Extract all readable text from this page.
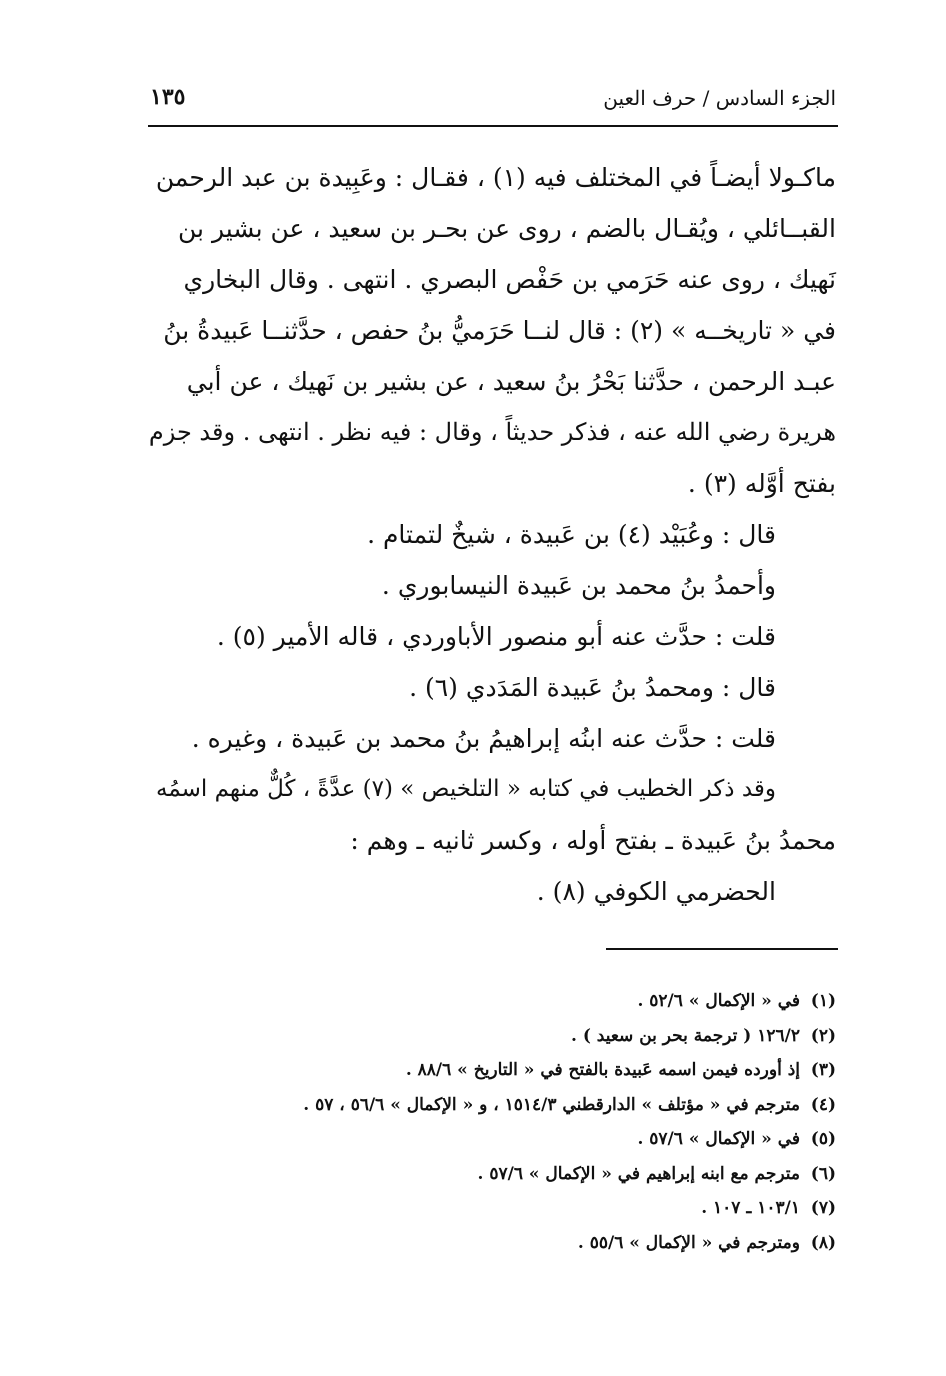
الجزء السادس / حرف العين
١٣٥

ماكـولا أيضـاً في المختلف فيه (١) ، فقـال : وعَبِيدة بن عبد الرحمن

القبــائلي ، ويُقـال بالضم ، روى عن بحـر بن سعيد ، عن بشير بن

نَهيك ، روى عنه حَرَمي بن حَفْص البصري . انتهى . وقال البخاري

في « تاريخــه » (٢) : قال لنــا حَرَميُّ بنُ حفص ، حدَّثنــا عَبيدةُ بنُ

عبـد الرحمن ، حدَّثنا بَحْرُ بنُ سعيد ، عن بشير بن نَهيك ، عن أبي

هريرة رضي الله عنه ، فذكر حديثاً ، وقال : فيه نظر . انتهى . وقد جزم

بفتح أوَّله (٣) .

قال : وعُبَيْد (٤) بن عَبيدة ، شيخٌ لتمتام .

وأحمدُ بنُ محمد بن عَبيدة النيسابوري .

قلت : حدَّث عنه أبو منصور الأباوردي ، قاله الأمير (٥) .

قال : ومحمدُ بنُ عَبيدة المَدَدي (٦) .

قلت : حدَّث عنه ابنُه إبراهيمُ بنُ محمد بن عَبيدة ، وغيره .

وقد ذكر الخطيب في كتابه « التلخيص » (٧) عدَّةً ، كُلٌّ منهم اسمُه

محمدُ بنُ عَبيدة ـ بفتح أوله ، وكسر ثانيه ـ وهم :

الحضرمي الكوفي (٨) .

(١)في « الإكمال » ٥٢/٦ .

(٢)١٢٦/٢ ( ترجمة بحر بن سعيد ) .

(٣)إذ أورده فيمن اسمه عَبيدة بالفتح في « التاريخ » ٨٨/٦ .

(٤)مترجم في « مؤتلف » الدارقطني ١٥١٤/٣ ، و « الإكمال » ٥٦/٦ ، ٥٧ .

(٥)في « الإكمال » ٥٧/٦ .

(٦)مترجم مع ابنه إبراهيم في « الإكمال » ٥٧/٦ .

(٧)١٠٣/١ ـ ١٠٧ .

(٨)ومترجم في « الإكمال » ٥٥/٦ .
